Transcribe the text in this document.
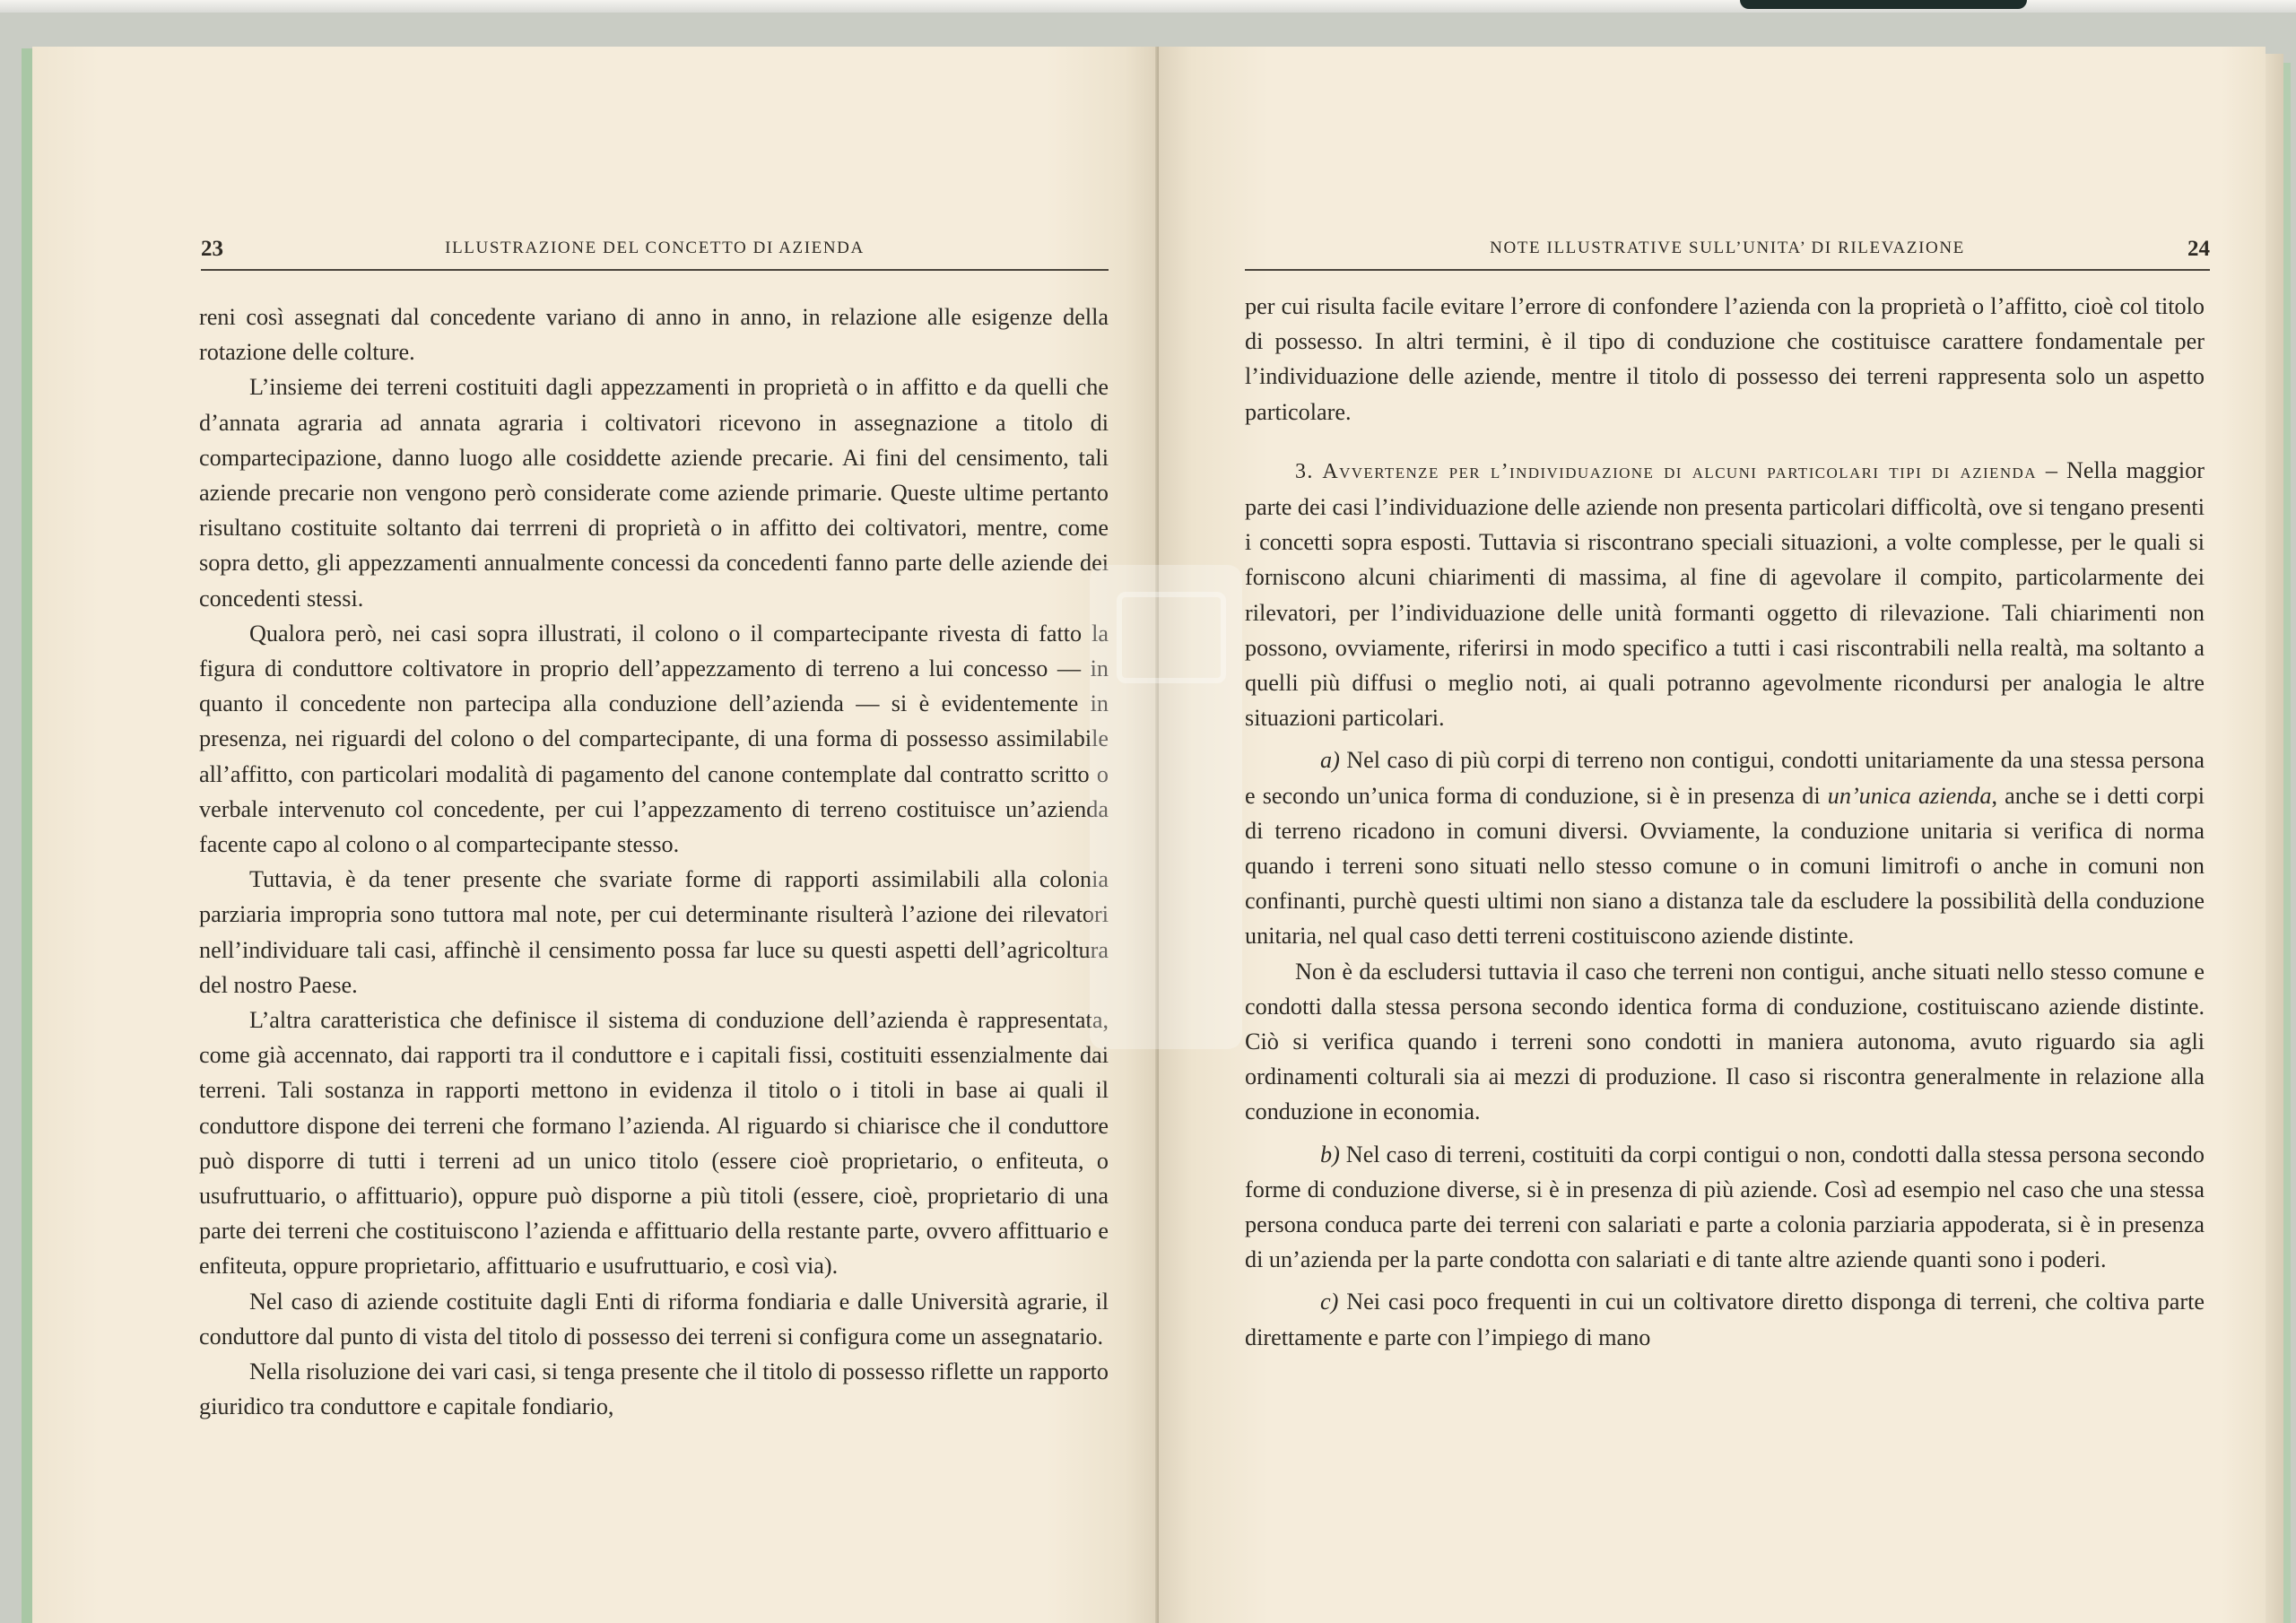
23	ILLUSTRAZIONE DEL CONCETTO DI AZIENDA

reni così assegnati dal concedente variano di anno in anno, in relazione alle esigenze della rotazione delle colture.

L’insieme dei terreni costituiti dagli appezzamenti in proprietà o in affitto e da quelli che d’annata agraria ad annata agraria i coltivatori ricevono in assegnazione a titolo di compartecipazione, danno luogo alle cosiddette aziende precarie. Ai fini del censimento, tali aziende precarie non vengono però considerate come aziende primarie. Queste ultime pertanto risultano costituite soltanto dai terrreni di proprietà o in affitto dei coltivatori, mentre, come sopra detto, gli appezzamenti annualmente concessi da concedenti fanno parte delle aziende dei concedenti stessi.

Qualora però, nei casi sopra illustrati, il colono o il compartecipante rivesta di fatto la figura di conduttore coltivatore in proprio dell’appezzamento di terreno a lui concesso — in quanto il concedente non partecipa alla conduzione dell’azienda — si è evidentemente in presenza, nei riguardi del colono o del compartecipante, di una forma di possesso assimilabile all’affitto, con particolari modalità di pagamento del canone contemplate dal contratto scritto o verbale intervenuto col concedente, per cui l’appezzamento di terreno costituisce un’azienda facente capo al colono o al compartecipante stesso.

Tuttavia, è da tener presente che svariate forme di rapporti assimilabili alla colonia parziaria impropria sono tuttora mal note, per cui determinante risulterà l’azione dei rilevatori nell’individuare tali casi, affinchè il censimento possa far luce su questi aspetti dell’agricoltura del nostro Paese.

L’altra caratteristica che definisce il sistema di conduzione dell’azienda è rappresentata, come già accennato, dai rapporti tra il conduttore e i capitali fissi, costituiti essenzialmente dai terreni. Tali sostanza in rapporti mettono in evidenza il titolo o i titoli in base ai quali il conduttore dispone dei terreni che formano l’azienda. Al riguardo si chiarisce che il conduttore può disporre di tutti i terreni ad un unico titolo (essere cioè proprietario, o enfiteuta, o usufruttuario, o affittuario), oppure può disporne a più titoli (essere, cioè, proprietario di una parte dei terreni che costituiscono l’azienda e affittuario della restante parte, ovvero affittuario e enfiteuta, oppure proprietario, affittuario e usufruttuario, e così via).

Nel caso di aziende costituite dagli Enti di riforma fondiaria e dalle Università agrarie, il conduttore dal punto di vista del titolo di possesso dei terreni si configura come un assegnatario.

Nella risoluzione dei vari casi, si tenga presente che il titolo di possesso riflette un rapporto giuridico tra conduttore e capitale fondiario,

NOTE ILLUSTRATIVE SULL’UNITA’ DI RILEVAZIONE	24

per cui risulta facile evitare l’errore di confondere l’azienda con la proprietà o l’affitto, cioè col titolo di possesso. In altri termini, è il tipo di conduzione che costituisce carattere fondamentale per l’individuazione delle aziende, mentre il titolo di possesso dei terreni rappresenta solo un aspetto particolare.

3. Avvertenze per l’individuazione di alcuni particolari tipi di azienda – Nella maggior parte dei casi l’individuazione delle aziende non presenta particolari difficoltà, ove si tengano presenti i concetti sopra esposti. Tuttavia si riscontrano speciali situazioni, a volte complesse, per le quali si forniscono alcuni chiarimenti di massima, al fine di agevolare il compito, particolarmente dei rilevatori, per l’individuazione delle unità formanti oggetto di rilevazione. Tali chiarimenti non possono, ovviamente, riferirsi in modo specifico a tutti i casi riscontrabili nella realtà, ma soltanto a quelli più diffusi o meglio noti, ai quali potranno agevolmente ricondursi per analogia le altre situazioni particolari.

a) Nel caso di più corpi di terreno non contigui, condotti unitariamente da una stessa persona e secondo un’unica forma di conduzione, si è in presenza di un’unica azienda, anche se i detti corpi di terreno ricadono in comuni diversi. Ovviamente, la conduzione unitaria si verifica di norma quando i terreni sono situati nello stesso comune o in comuni limitrofi o anche in comuni non confinanti, purchè questi ultimi non siano a distanza tale da escludere la possibilità della conduzione unitaria, nel qual caso detti terreni costituiscono aziende distinte.

Non è da escludersi tuttavia il caso che terreni non contigui, anche situati nello stesso comune e condotti dalla stessa persona secondo identica forma di conduzione, costituiscano aziende distinte. Ciò si verifica quando i terreni sono condotti in maniera autonoma, avuto riguardo sia agli ordinamenti colturali sia ai mezzi di produzione. Il caso si riscontra generalmente in relazione alla conduzione in economia.

b) Nel caso di terreni, costituiti da corpi contigui o non, condotti dalla stessa persona secondo forme di conduzione diverse, si è in presenza di più aziende. Così ad esempio nel caso che una stessa persona conduca parte dei terreni con salariati e parte a colonia parziaria appoderata, si è in presenza di un’azienda per la parte condotta con salariati e di tante altre aziende quanti sono i poderi.

c) Nei casi poco frequenti in cui un coltivatore diretto disponga di terreni, che coltiva parte direttamente e parte con l’impiego di mano
